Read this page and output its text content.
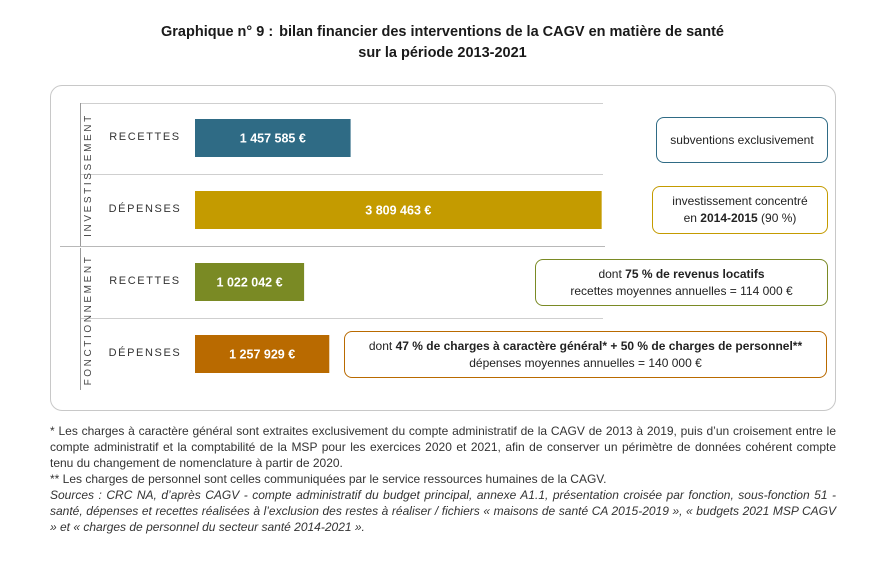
Graphique n° 9 : bilan financier des interventions de la CAGV en matière de santé
sur la période 2013-2021
INVESTISSEMENT
FONCTIONNEMENT
RECETTES
DÉPENSES
RECETTES
DÉPENSES
1 457 585 €
3 809 463 €
1 022 042 €
1 257 929 €
subventions exclusivement
investissement concentré
en 2014-2015 (90 %)
dont 75 % de revenus locatifs
recettes moyennes annuelles = 114 000 €
dont 47 % de charges à caractère général* + 50 % de charges de personnel**
dépenses moyennes annuelles = 140 000 €

* Les charges à caractère général sont extraites exclusivement du compte administratif de la CAGV de 2013 à 2019, puis d’un croisement entre le compte administratif et la comptabilité de la MSP pour les exercices 2020 et 2021, afin de conserver un périmètre de données cohérent compte tenu du changement de nomenclature à partir de 2020.

** Les charges de personnel sont celles communiquées par le service ressources humaines de la CAGV.

Sources : CRC NA, d’après CAGV - compte administratif du budget principal, annexe A1.1, présentation croisée par fonction, sous-fonction 51 - santé, dépenses et recettes réalisées à l’exclusion des restes à réaliser / fichiers « maisons de santé CA 2015-2019 », « budgets 2021 MSP CAGV » et « charges de personnel du secteur santé 2014-2021 ».
